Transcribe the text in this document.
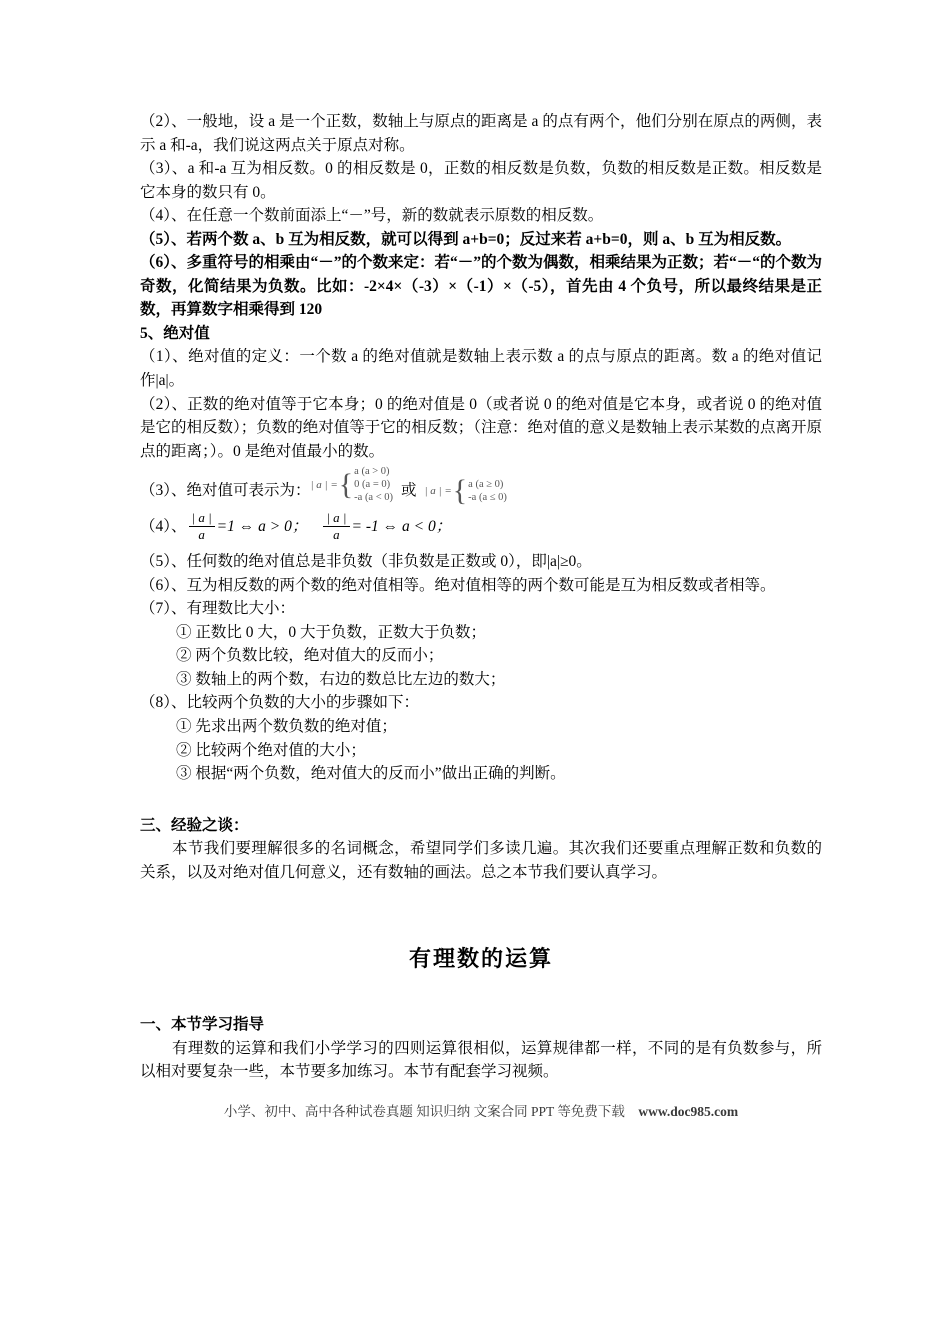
（2）、一般地，设 a 是一个正数，数轴上与原点的距离是 a 的点有两个，他们分别在原点的两侧，表示 a 和-a，我们说这两点关于原点对称。

（3）、a 和-a 互为相反数。0 的相反数是 0，正数的相反数是负数，负数的相反数是正数。相反数是它本身的数只有 0。

（4）、在任意一个数前面添上“－”号，新的数就表示原数的相反数。

（5）、若两个数 a、b 互为相反数，就可以得到 a+b=0；反过来若 a+b=0，则 a、b 互为相反数。

（6）、多重符号的相乘由“－”的个数来定：若“－”的个数为偶数，相乘结果为正数；若“－“的个数为奇数，化简结果为负数。比如：-2×4×（-3）×（-1）×（-5），首先由 4 个负号，所以最终结果是正数，再算数字相乘得到 120

5、绝对值

（1）、绝对值的定义：一个数 a 的绝对值就是数轴上表示数 a 的点与原点的距离。数 a 的绝对值记作|a|。

（2）、正数的绝对值等于它本身；0 的绝对值是 0（或者说 0 的绝对值是它本身，或者说 0 的绝对值是它的相反数）；负数的绝对值等于它的相反数；（注意：绝对值的意义是数轴上表示某数的点离开原点的距离；）。0 是绝对值最小的数。

（3）、绝对值可表示为： | a | = { a (a > 0)
0 (a = 0)
-a (a < 0) 或 | a | = { a (a ≥ 0)
-a (a ≤ 0)
（4）、 $\frac{| a |}{a} =1$ ⇔ a > 0； $\frac{| a |}{a} = -1$ ⇔ a < 0；

（5）、任何数的绝对值总是非负数（非负数是正数或 0），即|a|≥0。

（6）、互为相反数的两个数的绝对值相等。绝对值相等的两个数可能是互为相反数或者相等。

（7）、有理数比大小：

① 正数比 0 大，0 大于负数，正数大于负数；

② 两个负数比较，绝对值大的反而小；

③ 数轴上的两个数，右边的数总比左边的数大；

（8）、比较两个负数的大小的步骤如下：

① 先求出两个数负数的绝对值；

② 比较两个绝对值的大小；

③ 根据“两个负数，绝对值大的反而小”做出正确的判断。

三、经验之谈：

本节我们要理解很多的名词概念，希望同学们多读几遍。其次我们还要重点理解正数和负数的关系，以及对绝对值几何意义，还有数轴的画法。总之本节我们要认真学习。

有理数的运算

一、本节学习指导

有理数的运算和我们小学学习的四则运算很相似，运算规律都一样，不同的是有负数参与，所以相对要复杂一些，本节要多加练习。本节有配套学习视频。

小学、初中、高中各种试卷真题 知识归纳 文案合同 PPT 等免费下载 www.doc985.com
